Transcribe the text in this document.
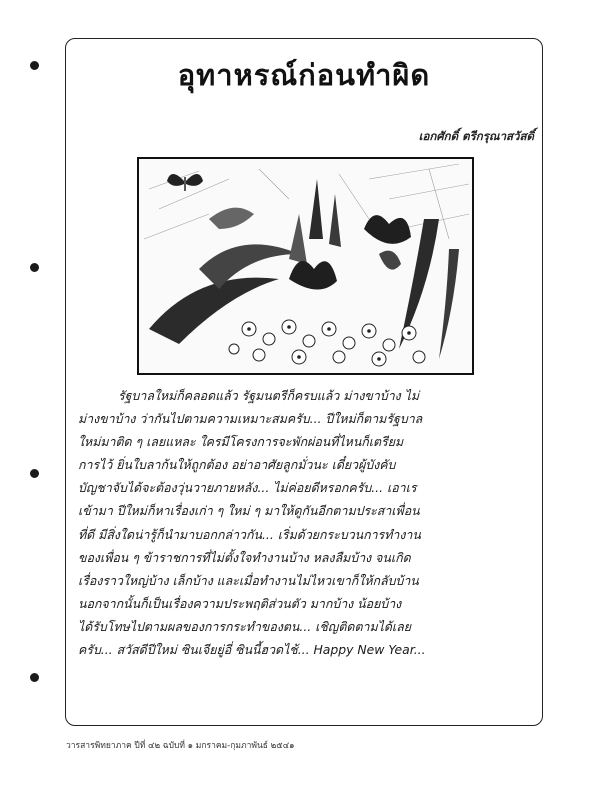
อุทาหรณ์ก่อนทำผิด
เอกศักดิ์ ตรีกรุณาสวัสดิ์
รัฐบาลใหม่ก็คลอดแล้ว รัฐมนตรีก็ครบแล้ว ม่างขาบ้าง ไม่
ม่างขาบ้าง ว่ากันไปตามความเหมาะสมครับ... ปีใหม่ก็ตามรัฐบาล
ใหม่มาติด ๆ เลยแหละ ใครมีโครงการจะพักผ่อนที่ไหนก็เตรียม
การไว้ ยิ่นใบลาก้นให้ถูกต้อง อย่าอาศัยลูกมั่วนะ เดี๋ยวผู้บังคับ
บัญชาจับได้จะต้องวุ่นวายภายหลัง... ไม่ค่อยดีหรอกครับ... เอาเร
เข้ามา ปีใหม่ก็หาเรื่องเก่า ๆ ใหม่ ๆ มาให้ดูกันอีกตามประสาเพื่อน
ที่ดี มีสิ่งใดน่ารู้ก็นำมาบอกกล่าวกัน... เริ่มด้วยกระบวนการทำงาน
ของเพื่อน ๆ ข้าราชการที่ไม่ตั้งใจทำงานบ้าง หลงลืมบ้าง จนเกิด
เรื่องราวใหญ่บ้าง เล็กบ้าง และเมื่อทำงานไม่ไหวเขาก็ให้กลับบ้าน
นอกจากนั้นก็เป็นเรื่องความประพฤติส่วนตัว มากบ้าง น้อยบ้าง
ได้รับโทษไปตามผลของการกระทำของตน... เชิญติดตามได้เลย
ครับ... สวัสดีปีใหม่ ซินเจียยู่อี่ ซินนี้ฮวดไช้... Happy New Year...
วารสารพิทยาภาค ปีที่ ๔๒ ฉบับที่ ๑ มกราคม-กุมภาพันธ์ ๒๕๔๑
